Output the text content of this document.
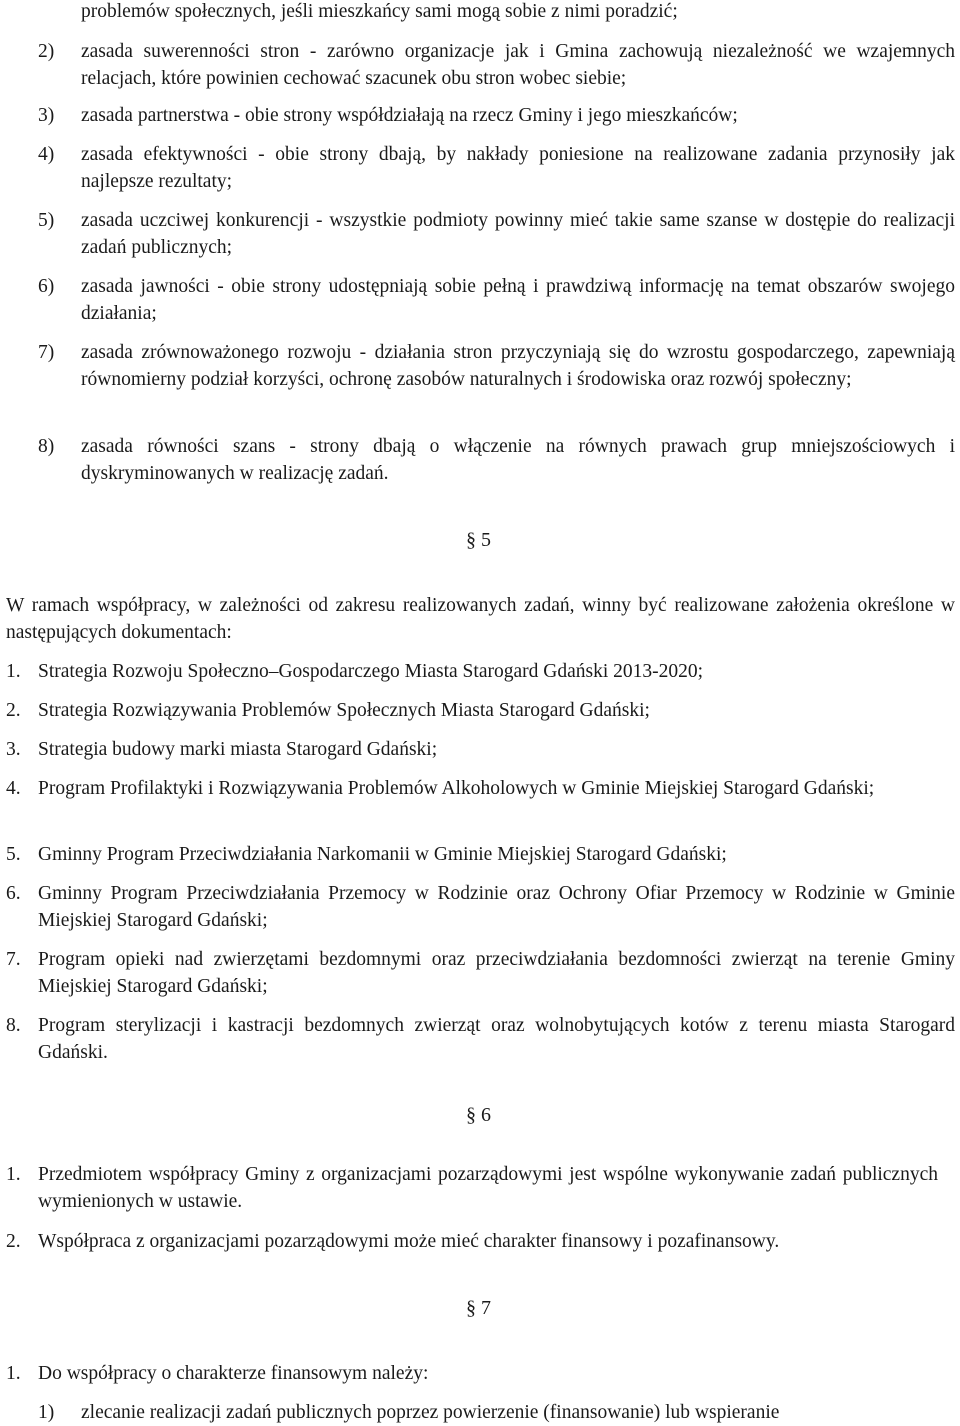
problemów społecznych, jeśli mieszkańcy sami mogą sobie z nimi poradzić;
2) zasada suwerenności stron - zarówno organizacje jak i Gmina zachowują niezależność we wzajemnych relacjach, które powinien cechować szacunek obu stron wobec siebie;
3) zasada partnerstwa - obie strony współdziałają na rzecz Gminy i jego mieszkańców;
4) zasada efektywności - obie strony dbają, by nakłady poniesione na realizowane zadania przynosiły jak najlepsze rezultaty;
5) zasada uczciwej konkurencji - wszystkie podmioty powinny mieć takie same szanse w dostępie do realizacji zadań publicznych;
6) zasada jawności - obie strony udostępniają sobie pełną i prawdziwą informację na temat obszarów swojego działania;
7) zasada zrównoważonego rozwoju - działania stron przyczyniają się do wzrostu gospodarczego, zapewniają równomierny podział korzyści, ochronę zasobów naturalnych i środowiska oraz rozwój społeczny;
8) zasada równości szans - strony dbają o włączenie na równych prawach grup mniejszościowych i dyskryminowanych w realizację zadań.
§ 5
W ramach współpracy, w zależności od zakresu realizowanych zadań, winny być realizowane założenia określone w następujących dokumentach:
1. Strategia Rozwoju Społeczno–Gospodarczego Miasta Starogard Gdański 2013-2020;
2. Strategia Rozwiązywania Problemów Społecznych Miasta Starogard Gdański;
3. Strategia budowy marki miasta Starogard Gdański;
4. Program Profilaktyki i Rozwiązywania Problemów Alkoholowych w Gminie Miejskiej Starogard Gdański;
5. Gminny Program Przeciwdziałania Narkomanii w Gminie Miejskiej Starogard Gdański;
6. Gminny Program Przeciwdziałania Przemocy w Rodzinie oraz Ochrony Ofiar Przemocy w Rodzinie w Gminie Miejskiej Starogard Gdański;
7. Program opieki nad zwierzętami bezdomnymi oraz przeciwdziałania bezdomności zwierząt na terenie Gminy Miejskiej Starogard Gdański;
8. Program sterylizacji i kastracji bezdomnych zwierząt oraz wolnobytujących kotów z terenu miasta Starogard Gdański.
§ 6
1. Przedmiotem współpracy Gminy z organizacjami pozarządowymi jest wspólne wykonywanie zadań publicznych wymienionych w ustawie.
2. Współpraca z organizacjami pozarządowymi może mieć charakter finansowy i pozafinansowy.
§ 7
1. Do współpracy o charakterze finansowym należy:
1) zlecanie realizacji zadań publicznych poprzez powierzenie (finansowanie) lub wspieranie
